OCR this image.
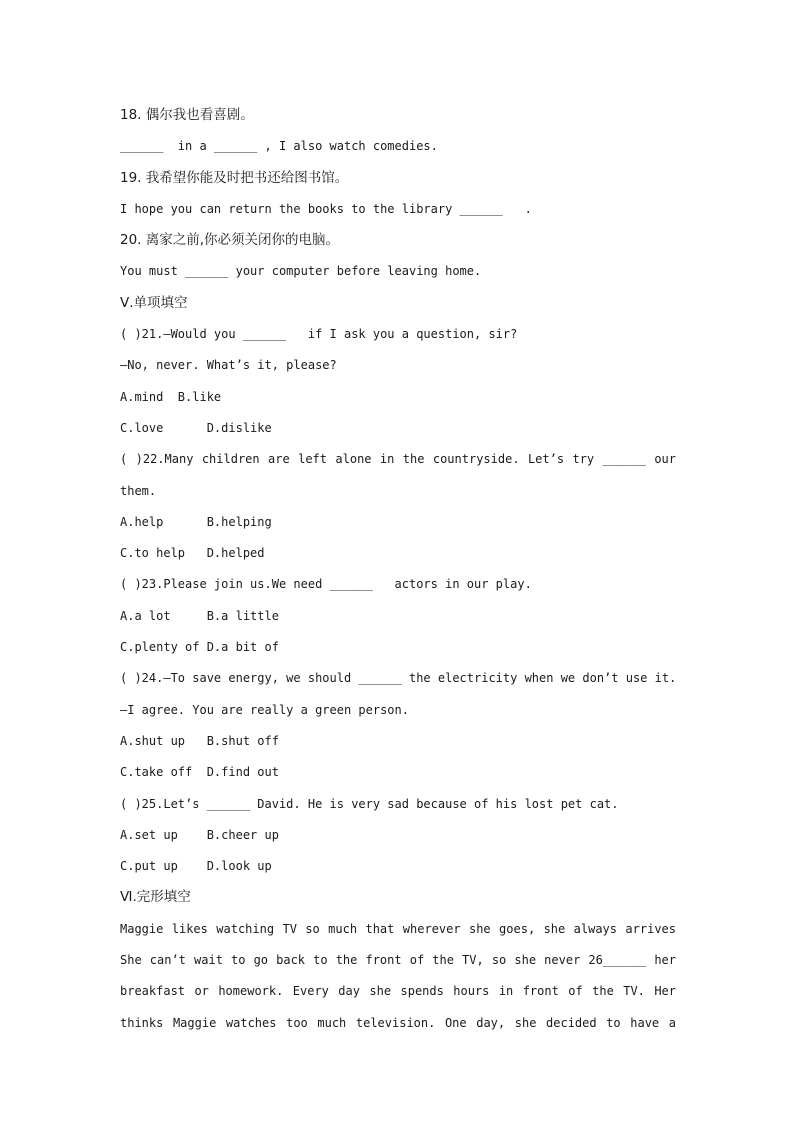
18. 偶尔我也看喜剧。
______  in a ______ , I also watch comedies.
19. 我希望你能及时把书还给图书馆。
I hope you can return the books to the library ______   .
20. 离家之前,你必须关闭你的电脑。
You must ______ your computer before leaving home.
Ⅴ.单项填空
( )21.—Would you ______   if I ask you a question, sir?
—No, never. What’s it, please?
A.mind  B.like
C.love      D.dislike
( )22.Many children are left alone in the countryside. Let’s try ______ our
them.
A.help      B.helping
C.to help   D.helped
( )23.Please join us.We need ______   actors in our play.
A.a lot     B.a little
C.plenty of D.a bit of
( )24.—To save energy, we should ______ the electricity when we don’t use it.
—I agree. You are really a green person.
A.shut up   B.shut off
C.take off  D.find out
( )25.Let’s ______ David. He is very sad because of his lost pet cat.
A.set up    B.cheer up
C.put up    D.look up
Ⅵ.完形填空
Maggie likes watching TV so much that wherever she goes, she always arrives
She can’t wait to go back to the front of the TV, so she never 26______ her
breakfast or homework. Every day she spends hours in front of the TV. Her
thinks Maggie watches too much television. One day, she decided to have a
